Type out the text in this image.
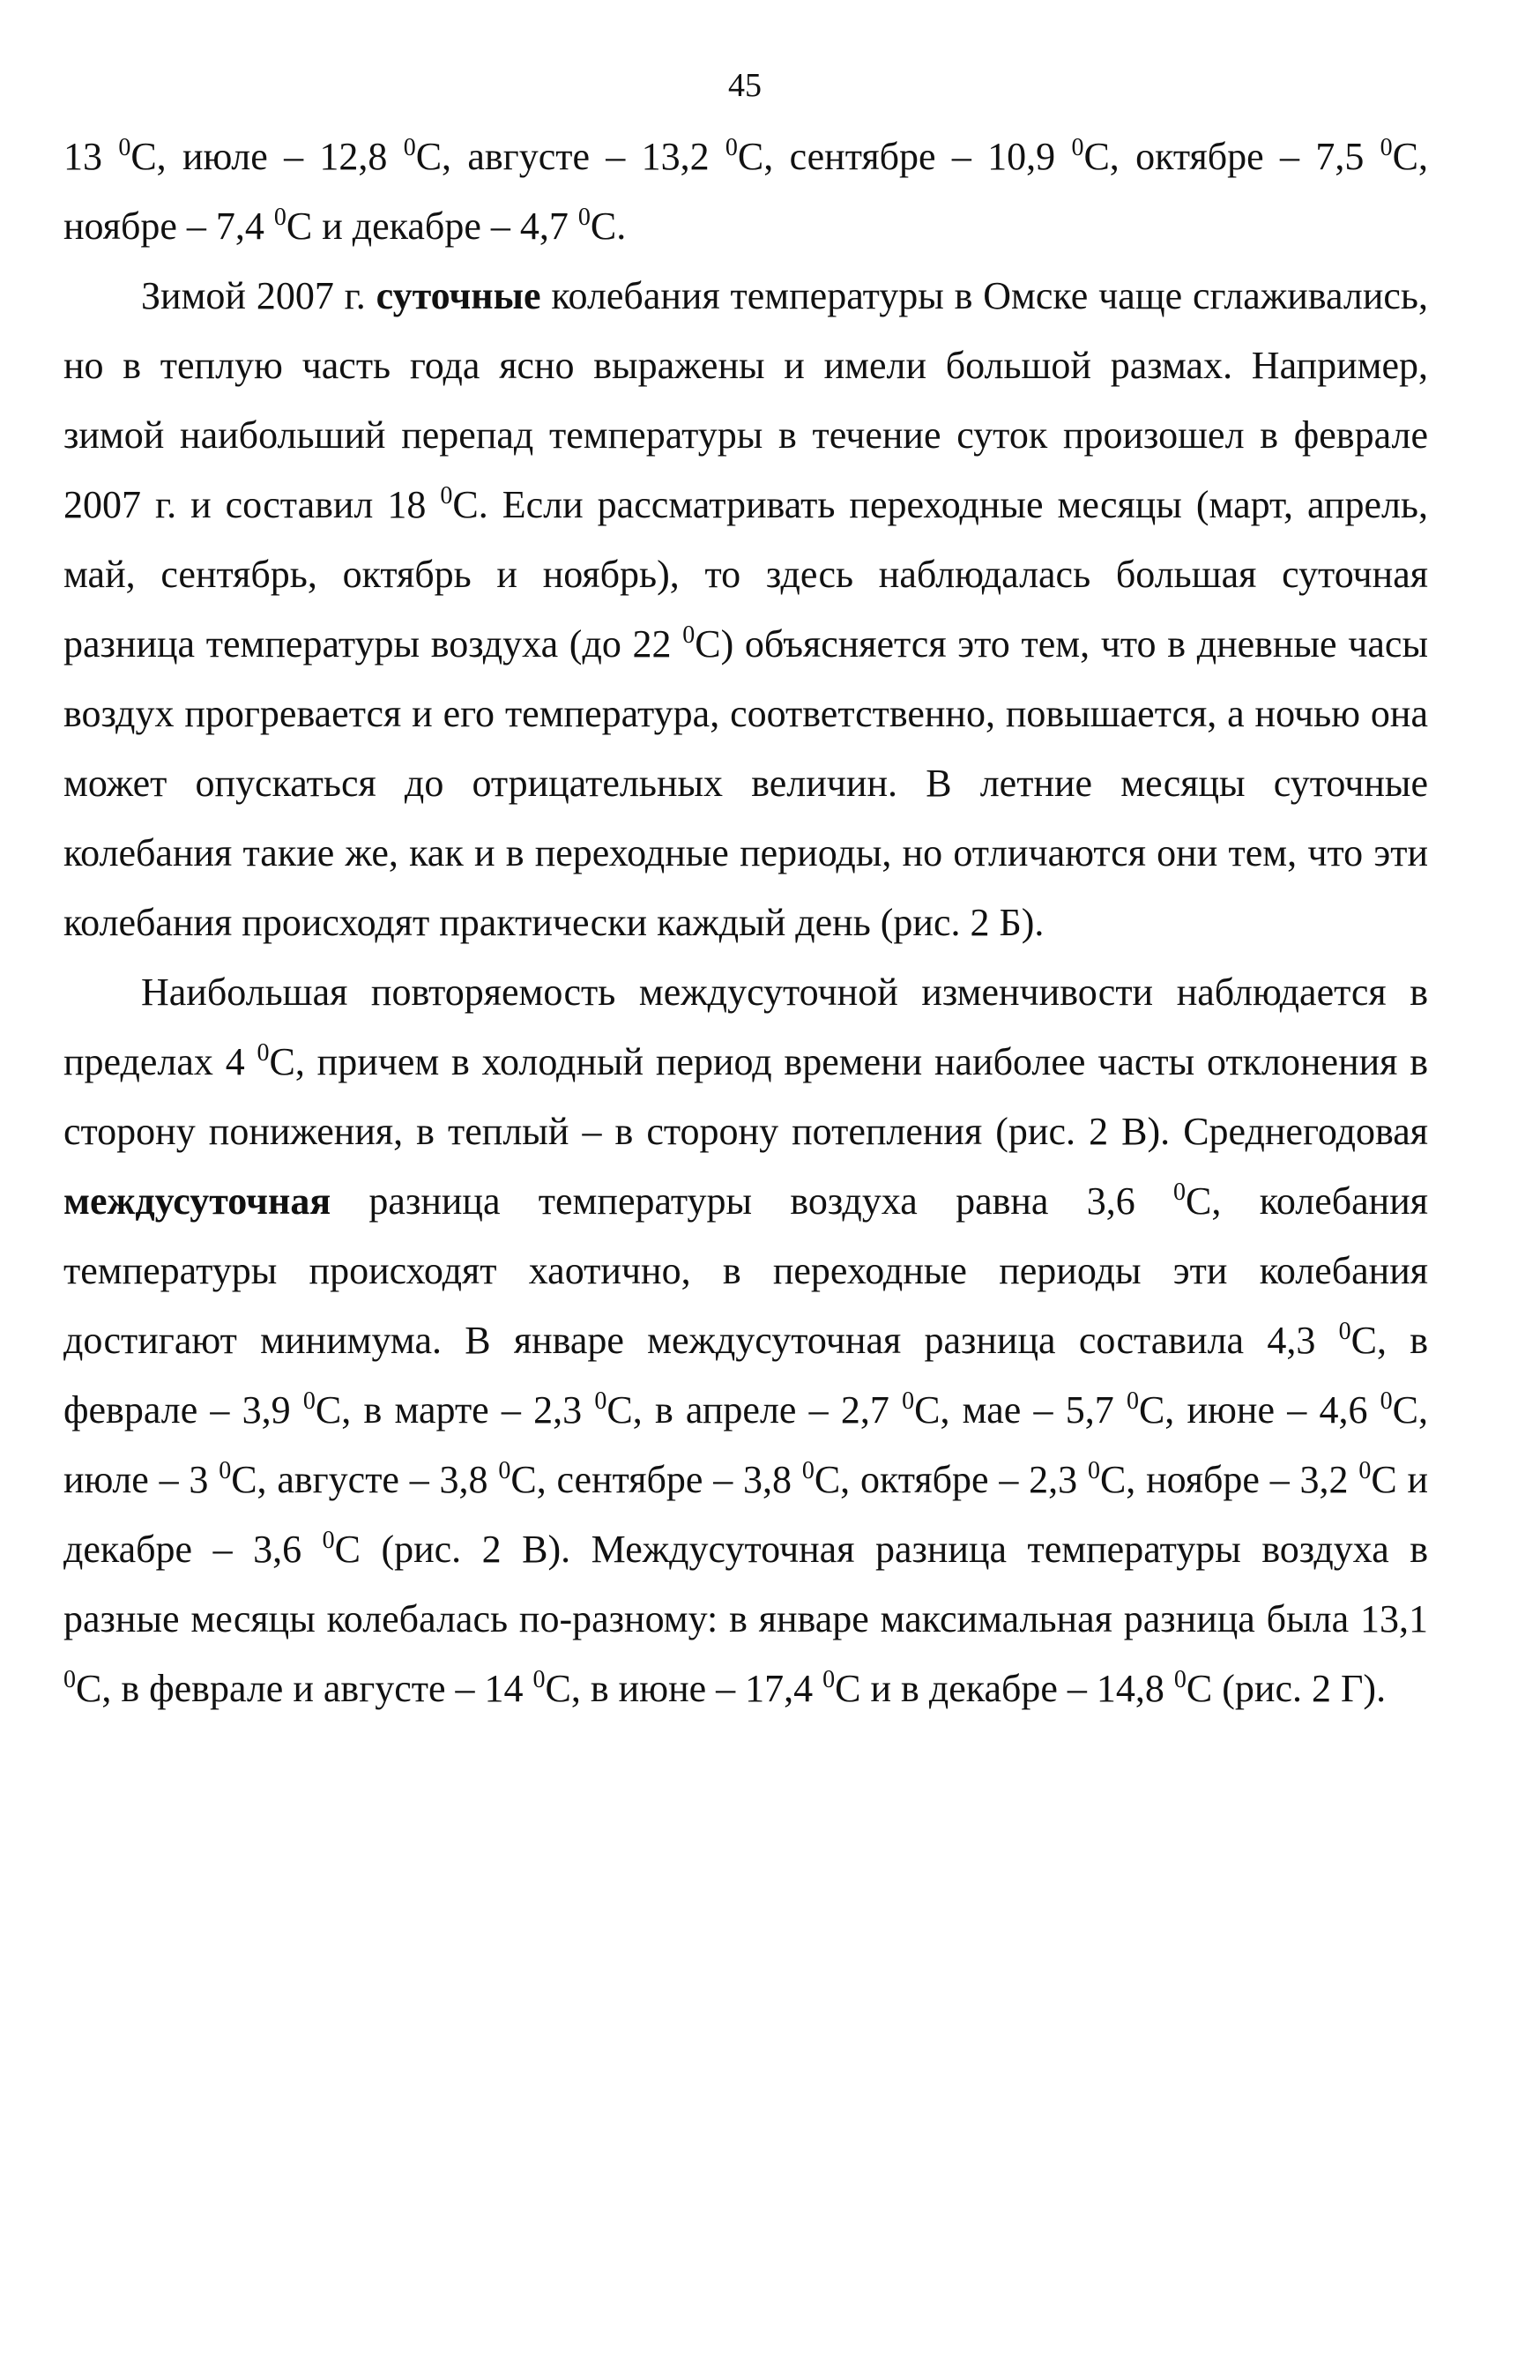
45

13 $^0$С, июле – 12,8 $^0$С, августе – 13,2 $^0$С, сентябре – 10,9 $^0$С, октябре – 7,5 $^0$С, ноябре – 7,4 $^0$С и декабре – 4,7 $^0$С.

Зимой 2007 г. суточные колебания температуры в Омске чаще сглаживались, но в теплую часть года ясно выражены и имели большой размах. Например, зимой наибольший перепад температуры в течение суток произошел в феврале 2007 г. и составил 18 $^0$С. Если рассматривать переходные месяцы (март, апрель, май, сентябрь, октябрь и ноябрь), то здесь наблюдалась большая суточная разница температуры воздуха (до 22 $^0$С) объясняется это тем, что в дневные часы воздух прогревается и его температура, соответственно, повышается, а ночью она может опускаться до отрицательных величин. В летние месяцы суточные колебания такие же, как и в переходные периоды, но отличаются они тем, что эти колебания происходят практически каждый день (рис. 2 Б).

Наибольшая повторяемость междусуточной изменчивости наблюдается в пределах 4 $^0$С, причем в холодный период времени наиболее часты отклонения в сторону понижения, в теплый – в сторону потепления (рис. 2 В). Среднегодовая междусуточная разница температуры воздуха равна 3,6 $^0$С, колебания температуры происходят хаотично, в переходные периоды эти колебания достигают минимума. В январе междусуточная разница составила 4,3 $^0$С, в феврале – 3,9 $^0$С, в марте – 2,3 $^0$С, в апреле – 2,7 $^0$С, мае – 5,7 $^0$С, июне – 4,6 $^0$С, июле – 3 $^0$С, августе – 3,8 $^0$С, сентябре – 3,8 $^0$С, октябре – 2,3 $^0$С, ноябре – 3,2 $^0$С и декабре – 3,6 $^0$С (рис. 2 В). Междусуточная разница температуры воздуха в разные месяцы колебалась по-разному: в январе максимальная разница была 13,1 $^0$С, в феврале и августе – 14 $^0$С, в июне – 17,4 $^0$С и в декабре – 14,8 $^0$С (рис. 2 Г).
